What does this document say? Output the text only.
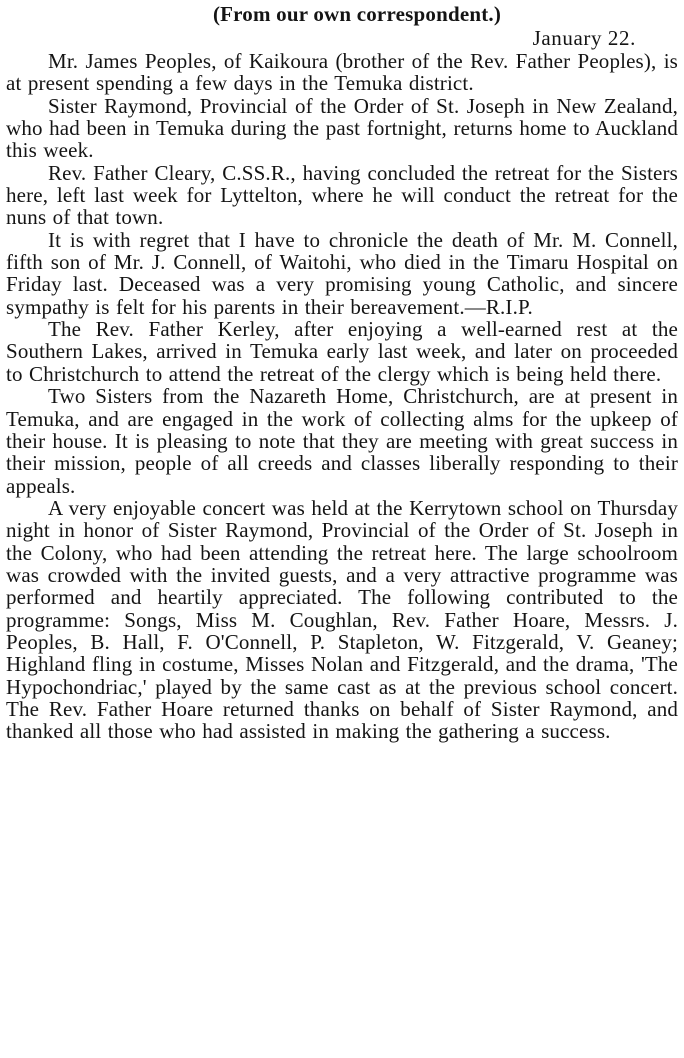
(From our own correspondent.)

January 22.

Mr. James Peoples, of Kaikoura (brother of the Rev. Father Peoples), is at present spending a few days in the Temuka district.

Sister Raymond, Provincial of the Order of St. Joseph in New Zealand, who had been in Temuka during the past fortnight, returns home to Auckland this week.

Rev. Father Cleary, C.SS.R., having concluded the retreat for the Sisters here, left last week for Lyttelton, where he will conduct the retreat for the nuns of that town.

It is with regret that I have to chronicle the death of Mr. M. Connell, fifth son of Mr. J. Connell, of Waitohi, who died in the Timaru Hospital on Friday last. Deceased was a very promising young Catholic, and sincere sympathy is felt for his parents in their bereavement.—R.I.P.

The Rev. Father Kerley, after enjoying a well-earned rest at the Southern Lakes, arrived in Temuka early last week, and later on proceeded to Christchurch to attend the retreat of the clergy which is being held there.

Two Sisters from the Nazareth Home, Christchurch, are at present in Temuka, and are engaged in the work of collecting alms for the upkeep of their house. It is pleasing to note that they are meeting with great success in their mission, people of all creeds and classes liberally responding to their appeals.

A very enjoyable concert was held at the Kerrytown school on Thursday night in honor of Sister Raymond, Provincial of the Order of St. Joseph in the Colony, who had been attending the retreat here. The large schoolroom was crowded with the invited guests, and a very attractive programme was performed and heartily appreciated. The following contributed to the programme: Songs, Miss M. Coughlan, Rev. Father Hoare, Messrs. J. Peoples, B. Hall, F. O'Connell, P. Stapleton, W. Fitzgerald, V. Geaney; Highland fling in costume, Misses Nolan and Fitzgerald, and the drama, 'The Hypochondriac,' played by the same cast as at the previous school concert. The Rev. Father Hoare returned thanks on behalf of Sister Raymond, and thanked all those who had assisted in making the gathering a success.
